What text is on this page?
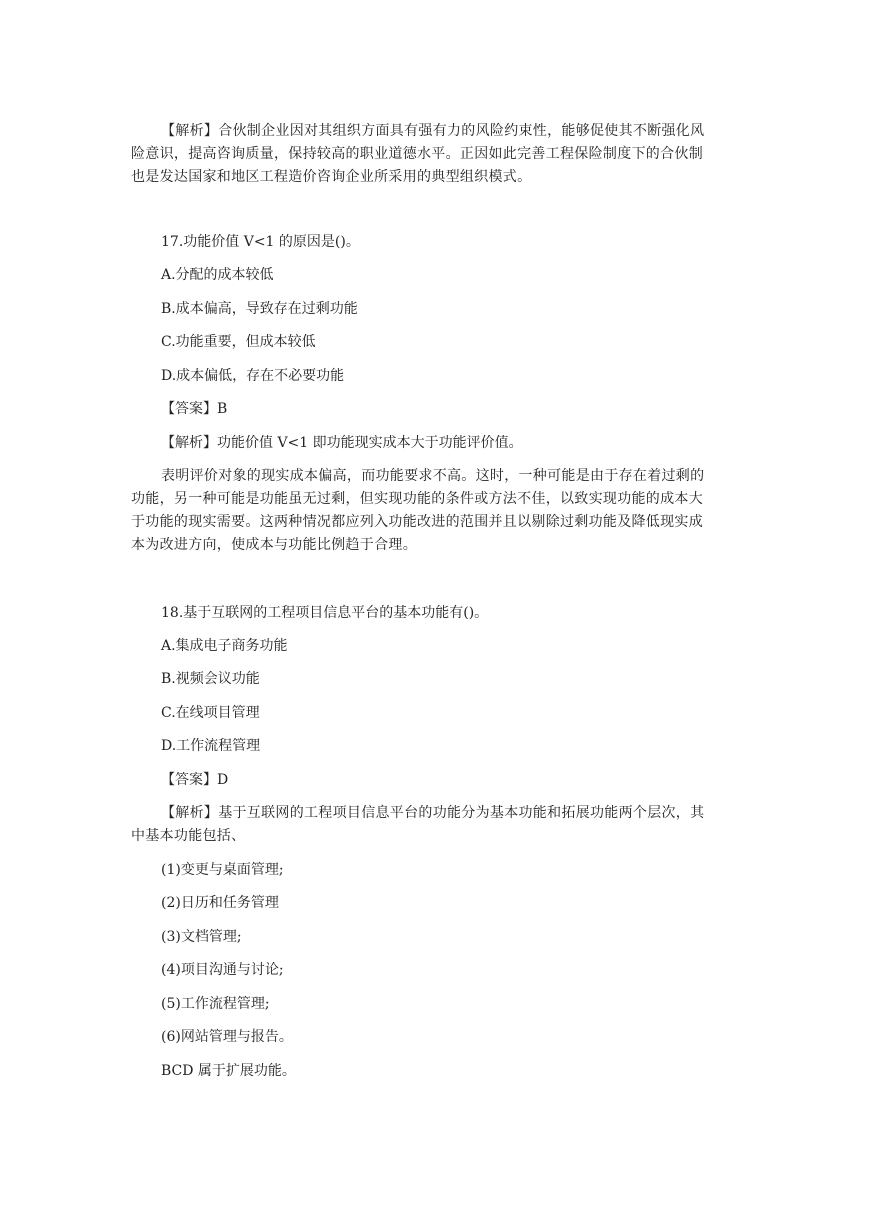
【解析】合伙制企业因对其组织方面具有强有力的风险约束性，能够促使其不断强化风
险意识，提高咨询质量，保持较高的职业道德水平。正因如此完善工程保险制度下的合伙制
也是发达国家和地区工程造价咨询企业所采用的典型组织模式。
17.功能价值 V<1 的原因是()。
A.分配的成本较低
B.成本偏高，导致存在过剩功能
C.功能重要，但成本较低
D.成本偏低，存在不必要功能
【答案】B
【解析】功能价值 V<1 即功能现实成本大于功能评价值。
表明评价对象的现实成本偏高，而功能要求不高。这时，一种可能是由于存在着过剩的
功能，另一种可能是功能虽无过剩，但实现功能的条件或方法不佳，以致实现功能的成本大
于功能的现实需要。这两种情况都应列入功能改进的范围并且以剔除过剩功能及降低现实成
本为改进方向，使成本与功能比例趋于合理。
18.基于互联网的工程项目信息平台的基本功能有()。
A.集成电子商务功能
B.视频会议功能
C.在线项目管理
D.工作流程管理
【答案】D
【解析】基于互联网的工程项目信息平台的功能分为基本功能和拓展功能两个层次，其
中基本功能包括、
(1)变更与桌面管理;
(2)日历和任务管理
(3)文档管理;
(4)项目沟通与讨论;
(5)工作流程管理;
(6)网站管理与报告。
BCD 属于扩展功能。
